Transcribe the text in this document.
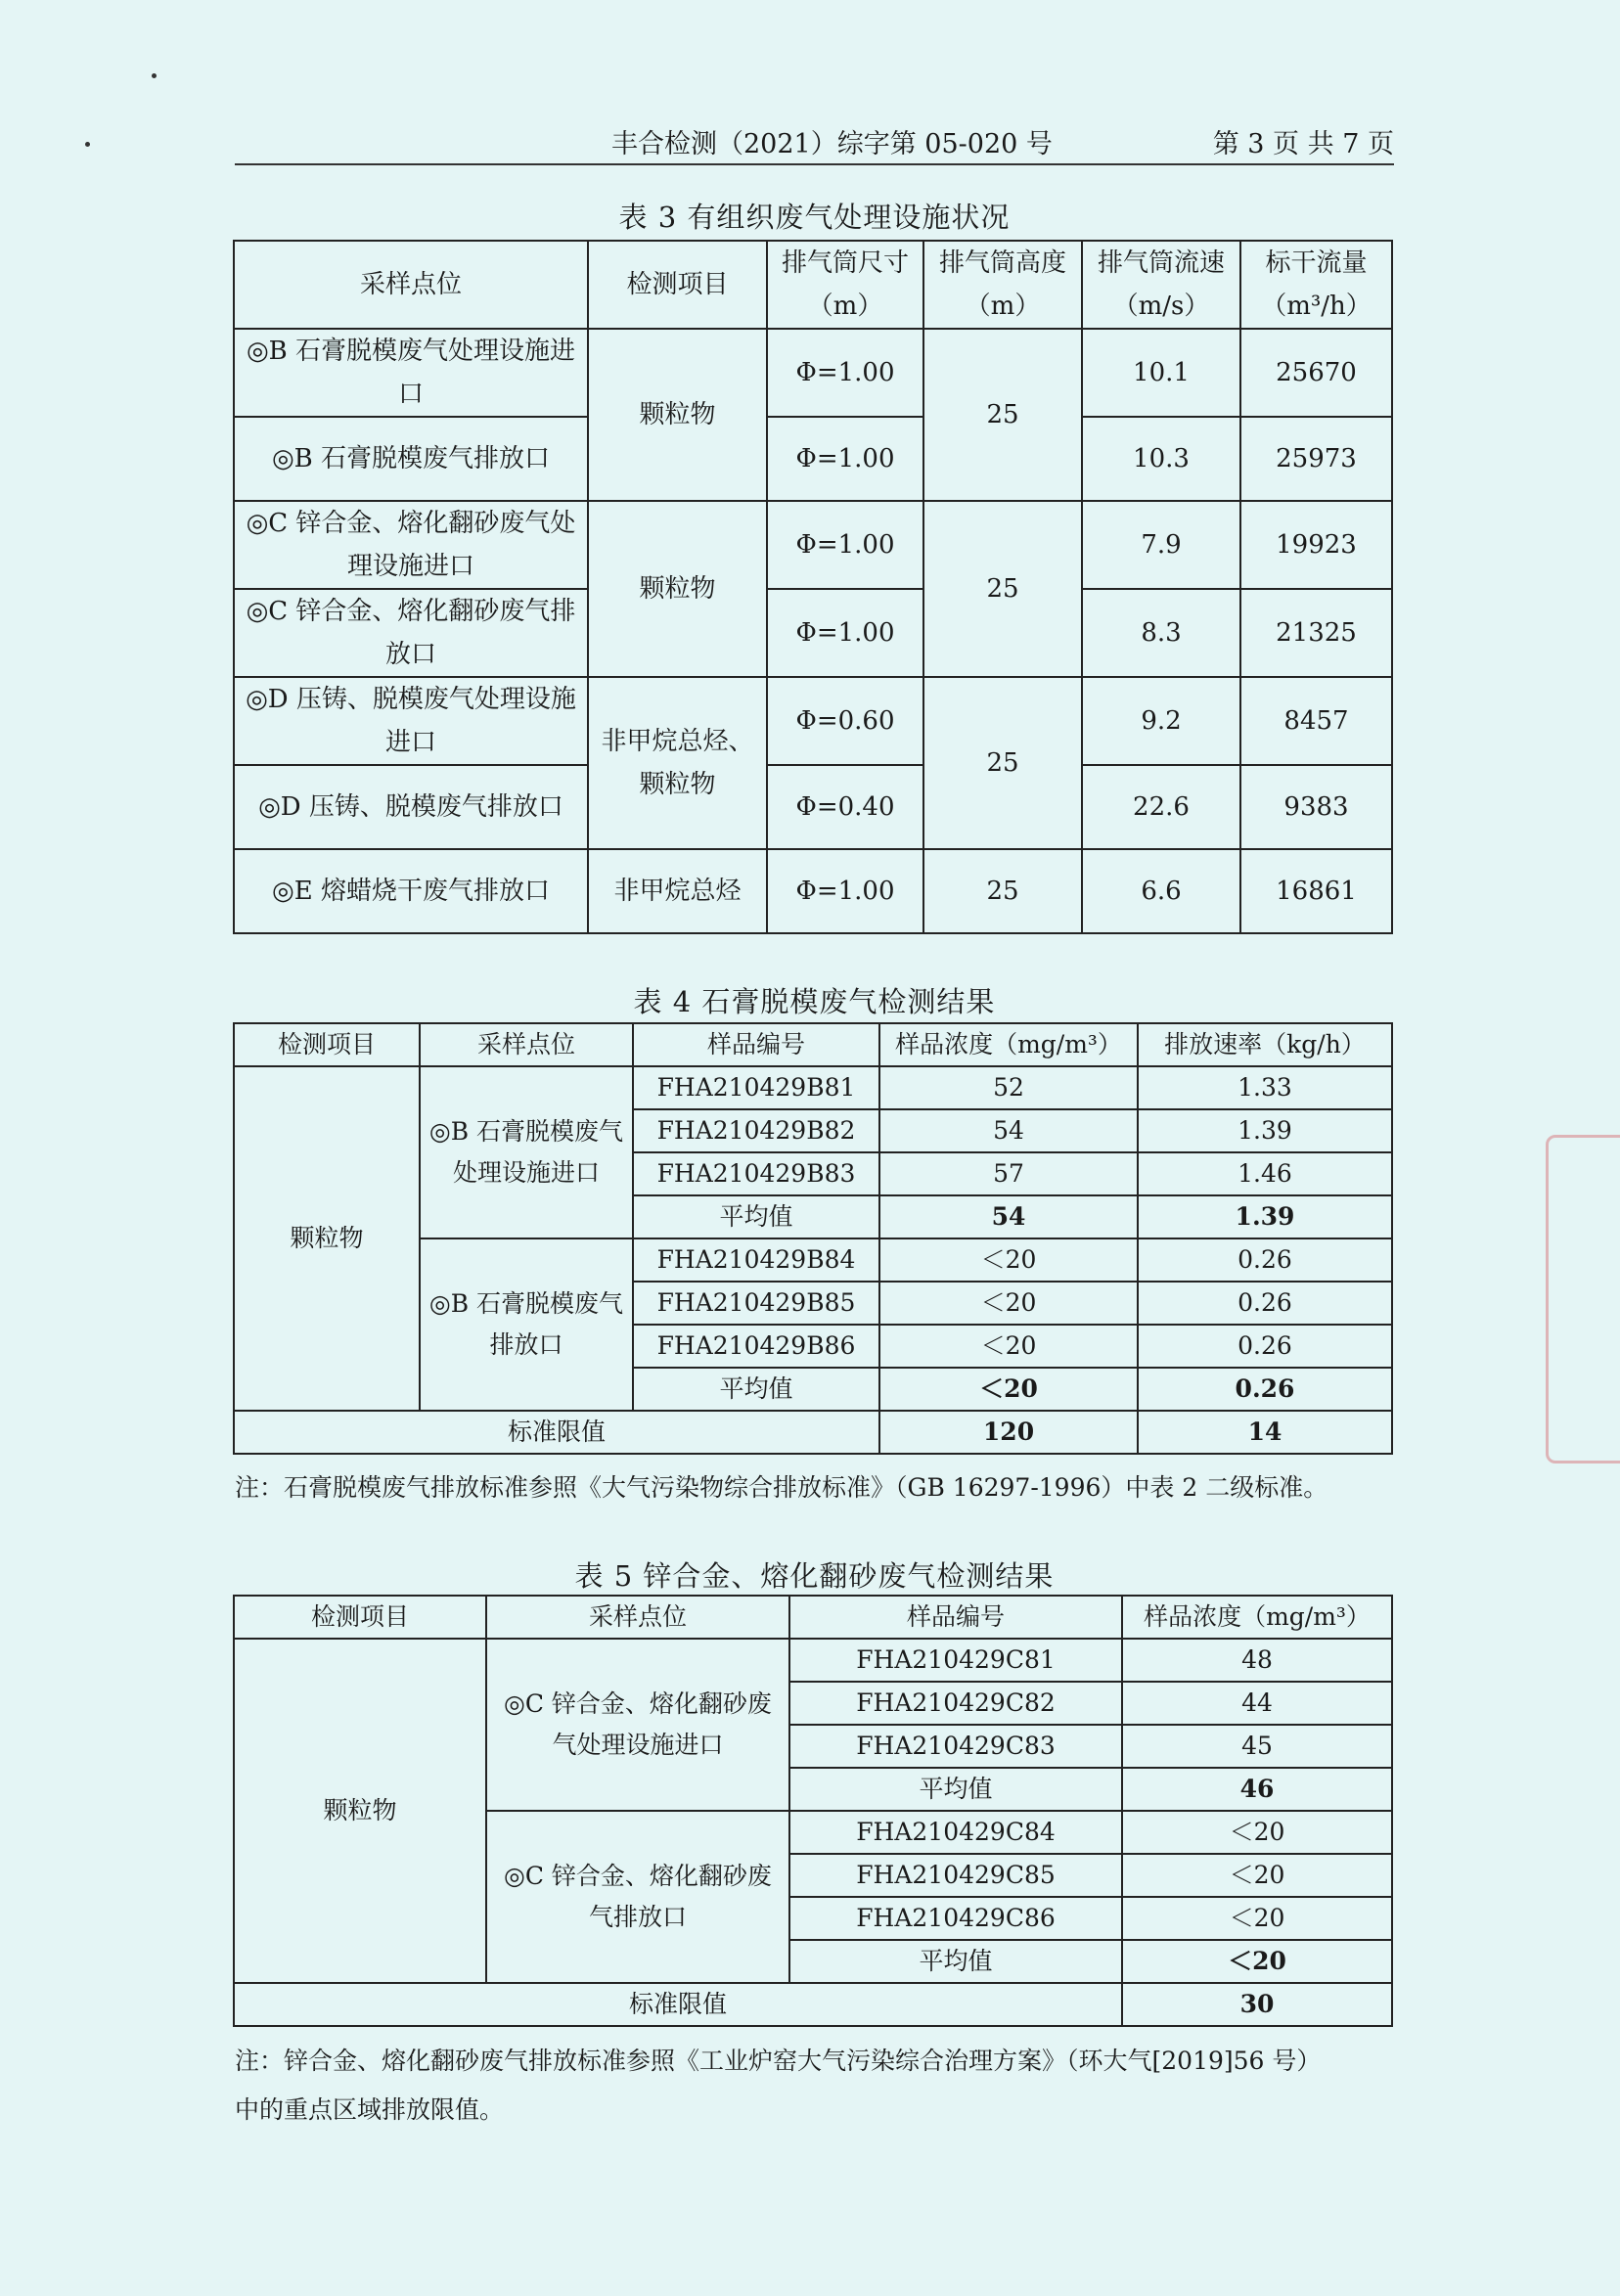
丰合检测（2021）综字第 05-020 号	第 3 页 共 7 页
表 3 有组织废气处理设施状况
采样点位	检测项目	排气筒尺寸（m）	排气筒高度（m）	排气筒流速（m/s）	标干流量（m³/h）
◎B 石膏脱模废气处理设施进口	颗粒物	Φ=1.00	25	10.1	25670
◎B 石膏脱模废气排放口		Φ=1.00		10.3	25973
◎C 锌合金、熔化翻砂废气处理设施进口	颗粒物	Φ=1.00	25	7.9	19923
◎C 锌合金、熔化翻砂废气排放口		Φ=1.00		8.3	21325
◎D 压铸、脱模废气处理设施进口	非甲烷总烃、颗粒物	Φ=0.60	25	9.2	8457
◎D 压铸、脱模废气排放口		Φ=0.40		22.6	9383
◎E 熔蜡烧干废气排放口	非甲烷总烃	Φ=1.00	25	6.6	16861
表 4 石膏脱模废气检测结果
检测项目	采样点位	样品编号	样品浓度（mg/m³）	排放速率（kg/h）
颗粒物	◎B 石膏脱模废气处理设施进口	FHA210429B81	52	1.33
		FHA210429B82	54	1.39
		FHA210429B83	57	1.46
		平均值	54	1.39
	◎B 石膏脱模废气排放口	FHA210429B84	＜20	0.26
		FHA210429B85	＜20	0.26
		FHA210429B86	＜20	0.26
		平均值	＜20	0.26
标准限值			120	14
注：石膏脱模废气排放标准参照《大气污染物综合排放标准》（GB 16297-1996）中表 2 二级标准。
表 5 锌合金、熔化翻砂废气检测结果
检测项目	采样点位	样品编号	样品浓度（mg/m³）
颗粒物	◎C 锌合金、熔化翻砂废气处理设施进口	FHA210429C81	48
		FHA210429C82	44
		FHA210429C83	45
		平均值	46
	◎C 锌合金、熔化翻砂废气排放口	FHA210429C84	＜20
		FHA210429C85	＜20
		FHA210429C86	＜20
		平均值	＜20
标准限值			30
注：锌合金、熔化翻砂废气排放标准参照《工业炉窑大气污染综合治理方案》（环大气[2019]56 号）中的重点区域排放限值。
